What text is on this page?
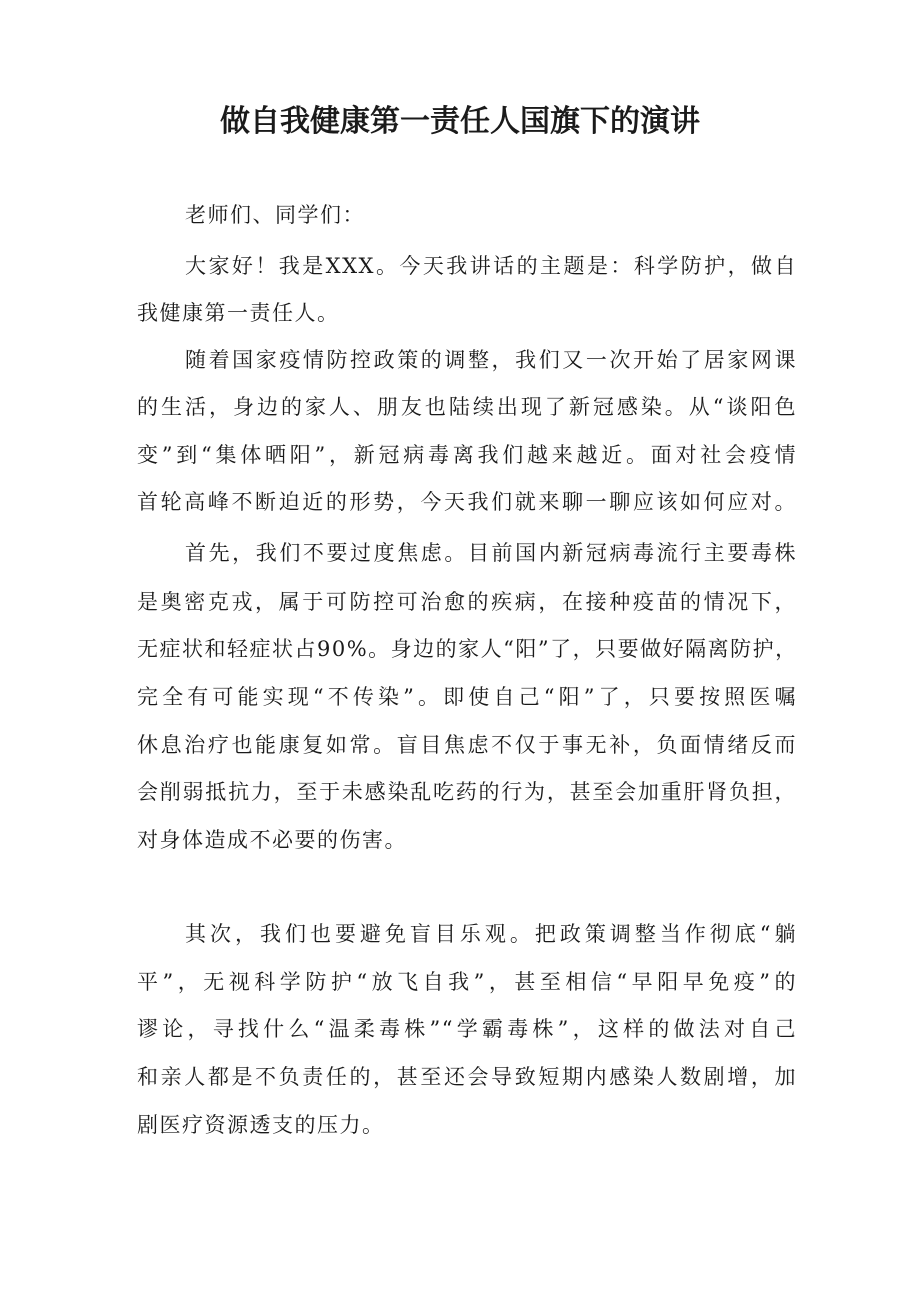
做自我健康第一责任人国旗下的演讲

老师们、同学们：

大家好！我是XXX。今天我讲话的主题是：科学防护，做自

我健康第一责任人。

随着国家疫情防控政策的调整，我们又一次开始了居家网课

的生活，身边的家人、朋友也陆续出现了新冠感染。从“谈阳色

变”到“集体晒阳”，新冠病毒离我们越来越近。面对社会疫情

首轮高峰不断迫近的形势，今天我们就来聊一聊应该如何应对。

首先，我们不要过度焦虑。目前国内新冠病毒流行主要毒株

是奥密克戎，属于可防控可治愈的疾病，在接种疫苗的情况下，

无症状和轻症状占90%。身边的家人“阳”了，只要做好隔离防护，

完全有可能实现“不传染”。即使自己“阳”了，只要按照医嘱

休息治疗也能康复如常。盲目焦虑不仅于事无补，负面情绪反而

会削弱抵抗力，至于未感染乱吃药的行为，甚至会加重肝肾负担，

对身体造成不必要的伤害。

其次，我们也要避免盲目乐观。把政策调整当作彻底“躺

平”，无视科学防护“放飞自我”，甚至相信“早阳早免疫”的

谬论，寻找什么“温柔毒株”“学霸毒株”，这样的做法对自己

和亲人都是不负责任的，甚至还会导致短期内感染人数剧增，加

剧医疗资源透支的压力。
